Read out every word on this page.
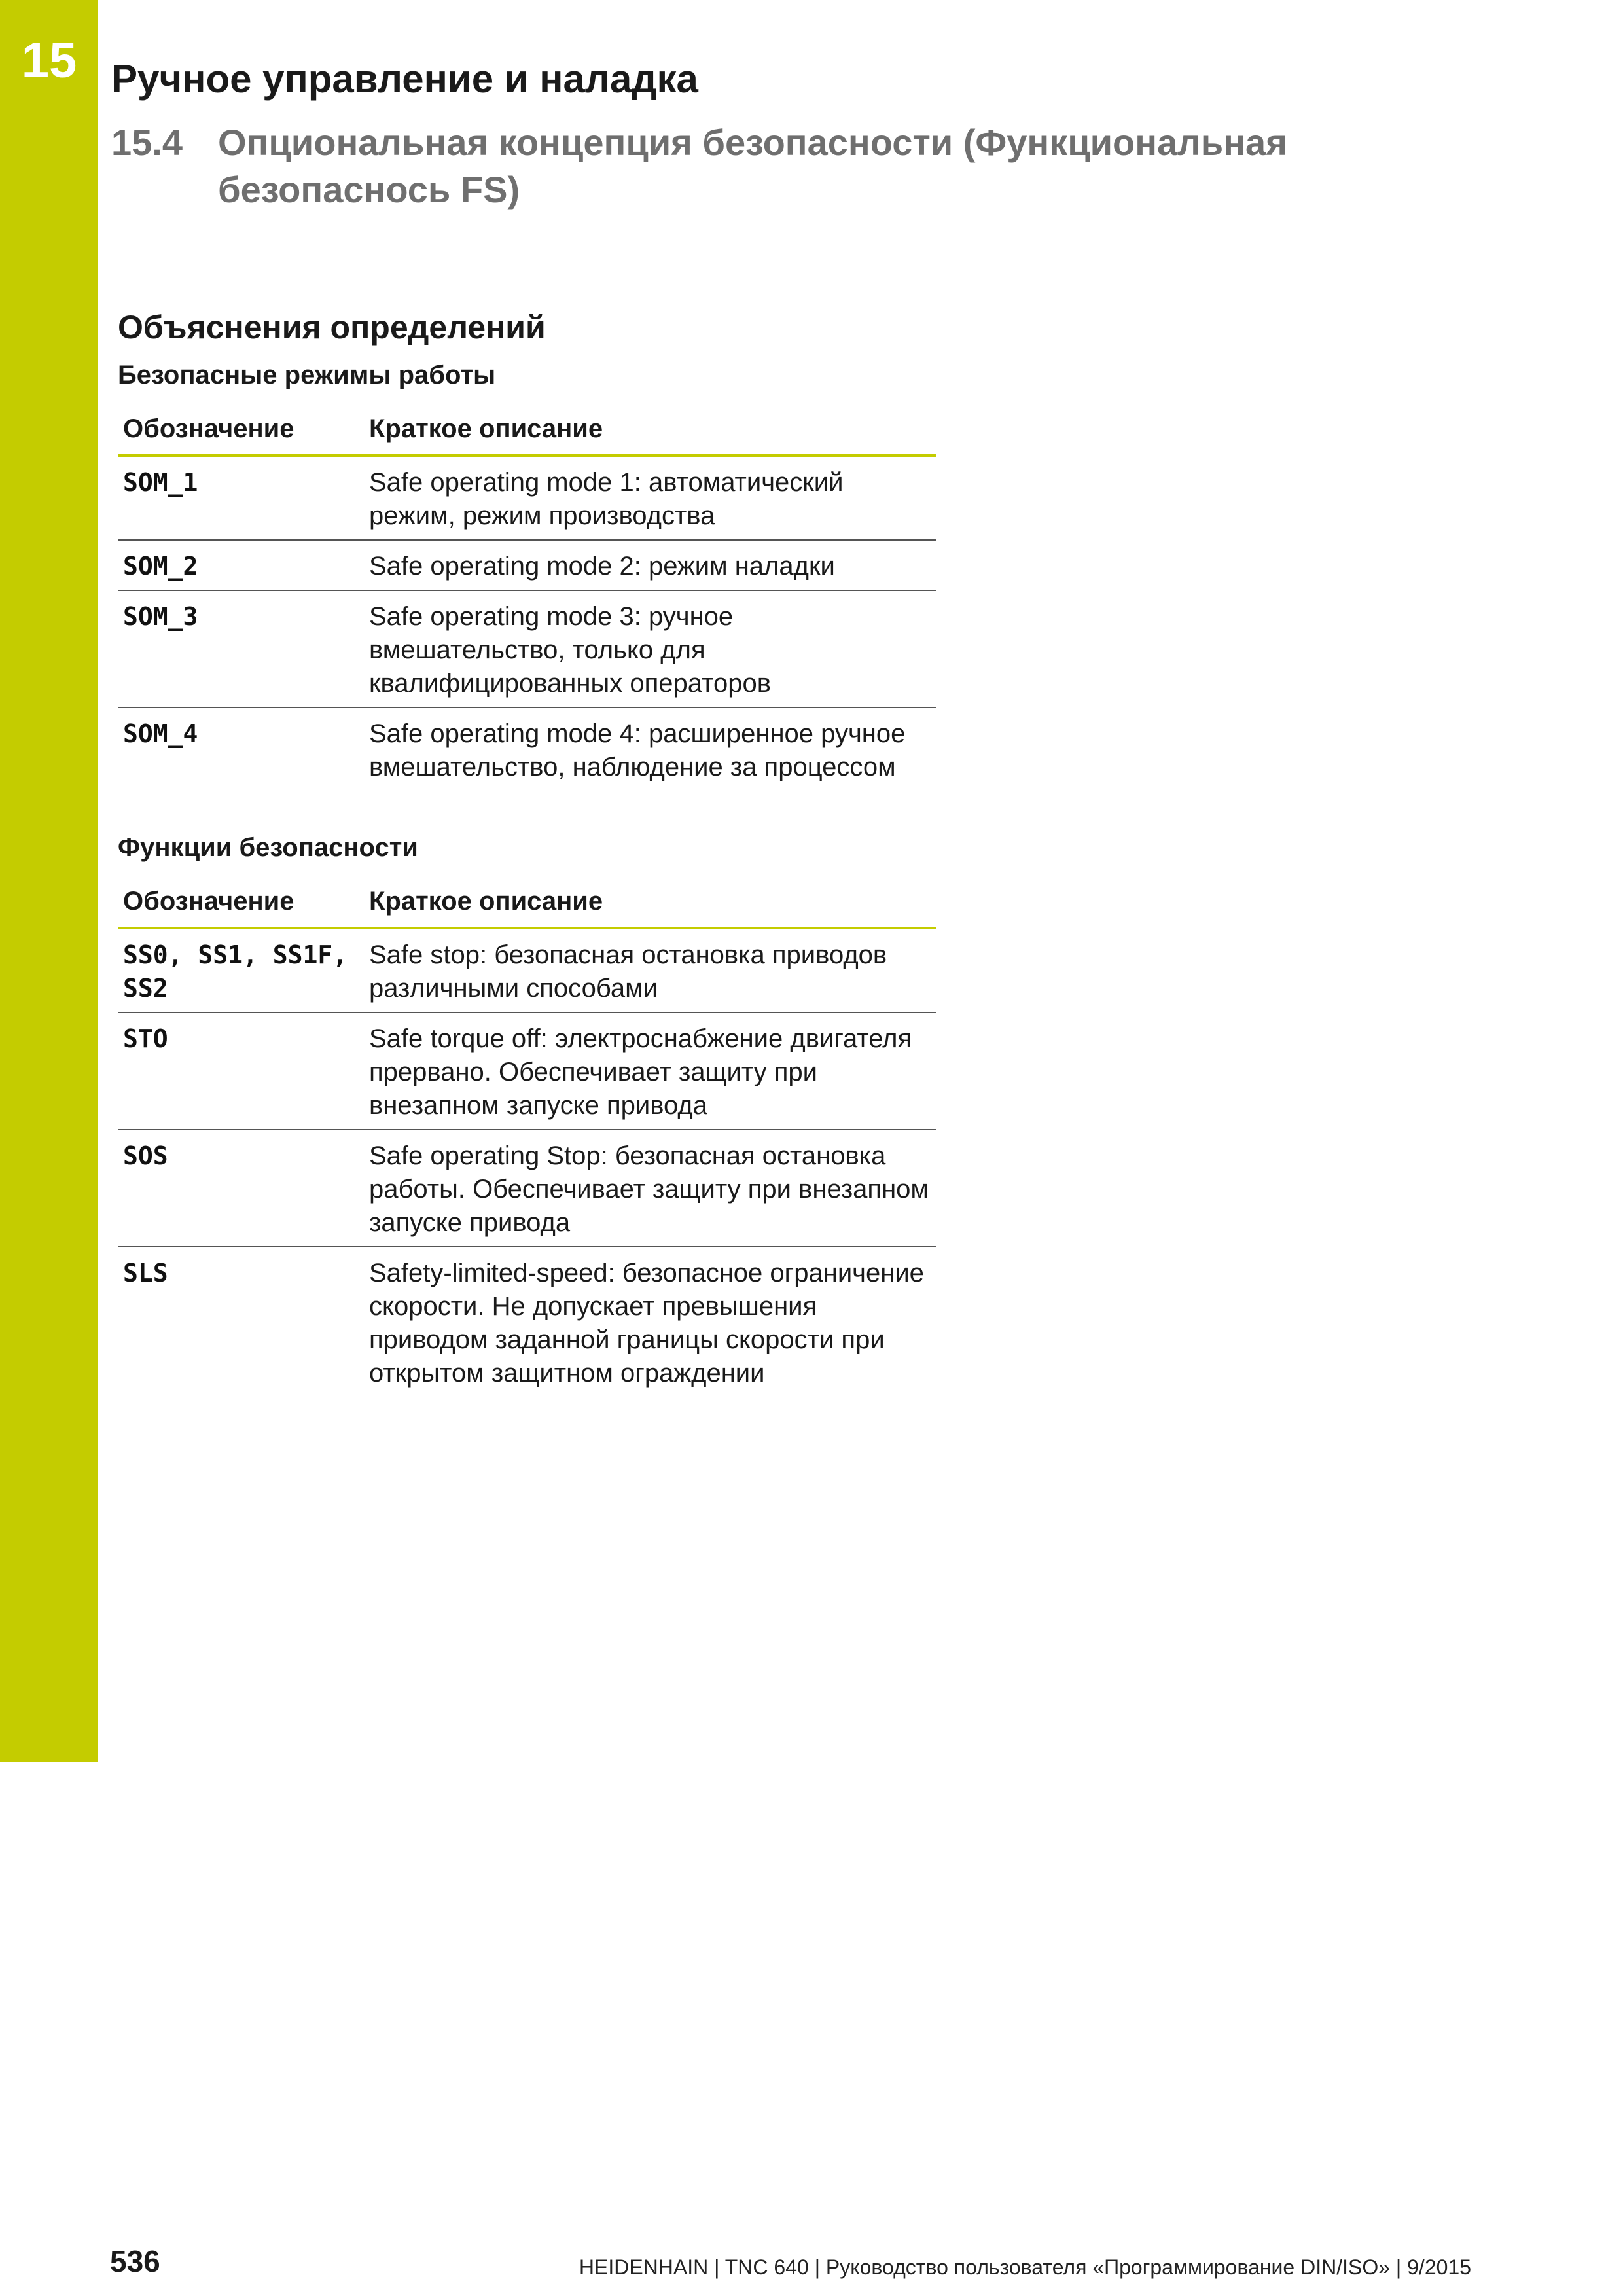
15 Ручное управление и наладка
15.4 Опциональная концепция безопасности (Функциональная безопаснось FS)
Объяснения определений
Безопасные режимы работы
Обозначение	Краткое описание
SOM_1	Safe operating mode 1: автоматический режим, режим производства
SOM_2	Safe operating mode 2: режим наладки
SOM_3	Safe operating mode 3: ручное вмешательство, только для квалифицированных операторов
SOM_4	Safe operating mode 4: расширенное ручное вмешательство, наблюдение за процессом
Функции безопасности
Обозначение	Краткое описание
SS0, SS1, SS1F, SS2	Safe stop: безопасная остановка приводов различными способами
STO	Safe torque off: электроснабжение двигателя прервано. Обеспечивает защиту при внезапном запуске привода
SOS	Safe operating Stop: безопасная остановка работы. Обеспечивает защиту при внезапном запуске привода
SLS	Safety-limited-speed: безопасное ограничение скорости. Не допускает превышения приводом заданной границы скорости при открытом защитном ограждении
536	HEIDENHAIN | TNC 640 | Руководство пользователя «Программирование DIN/ISO» | 9/2015
